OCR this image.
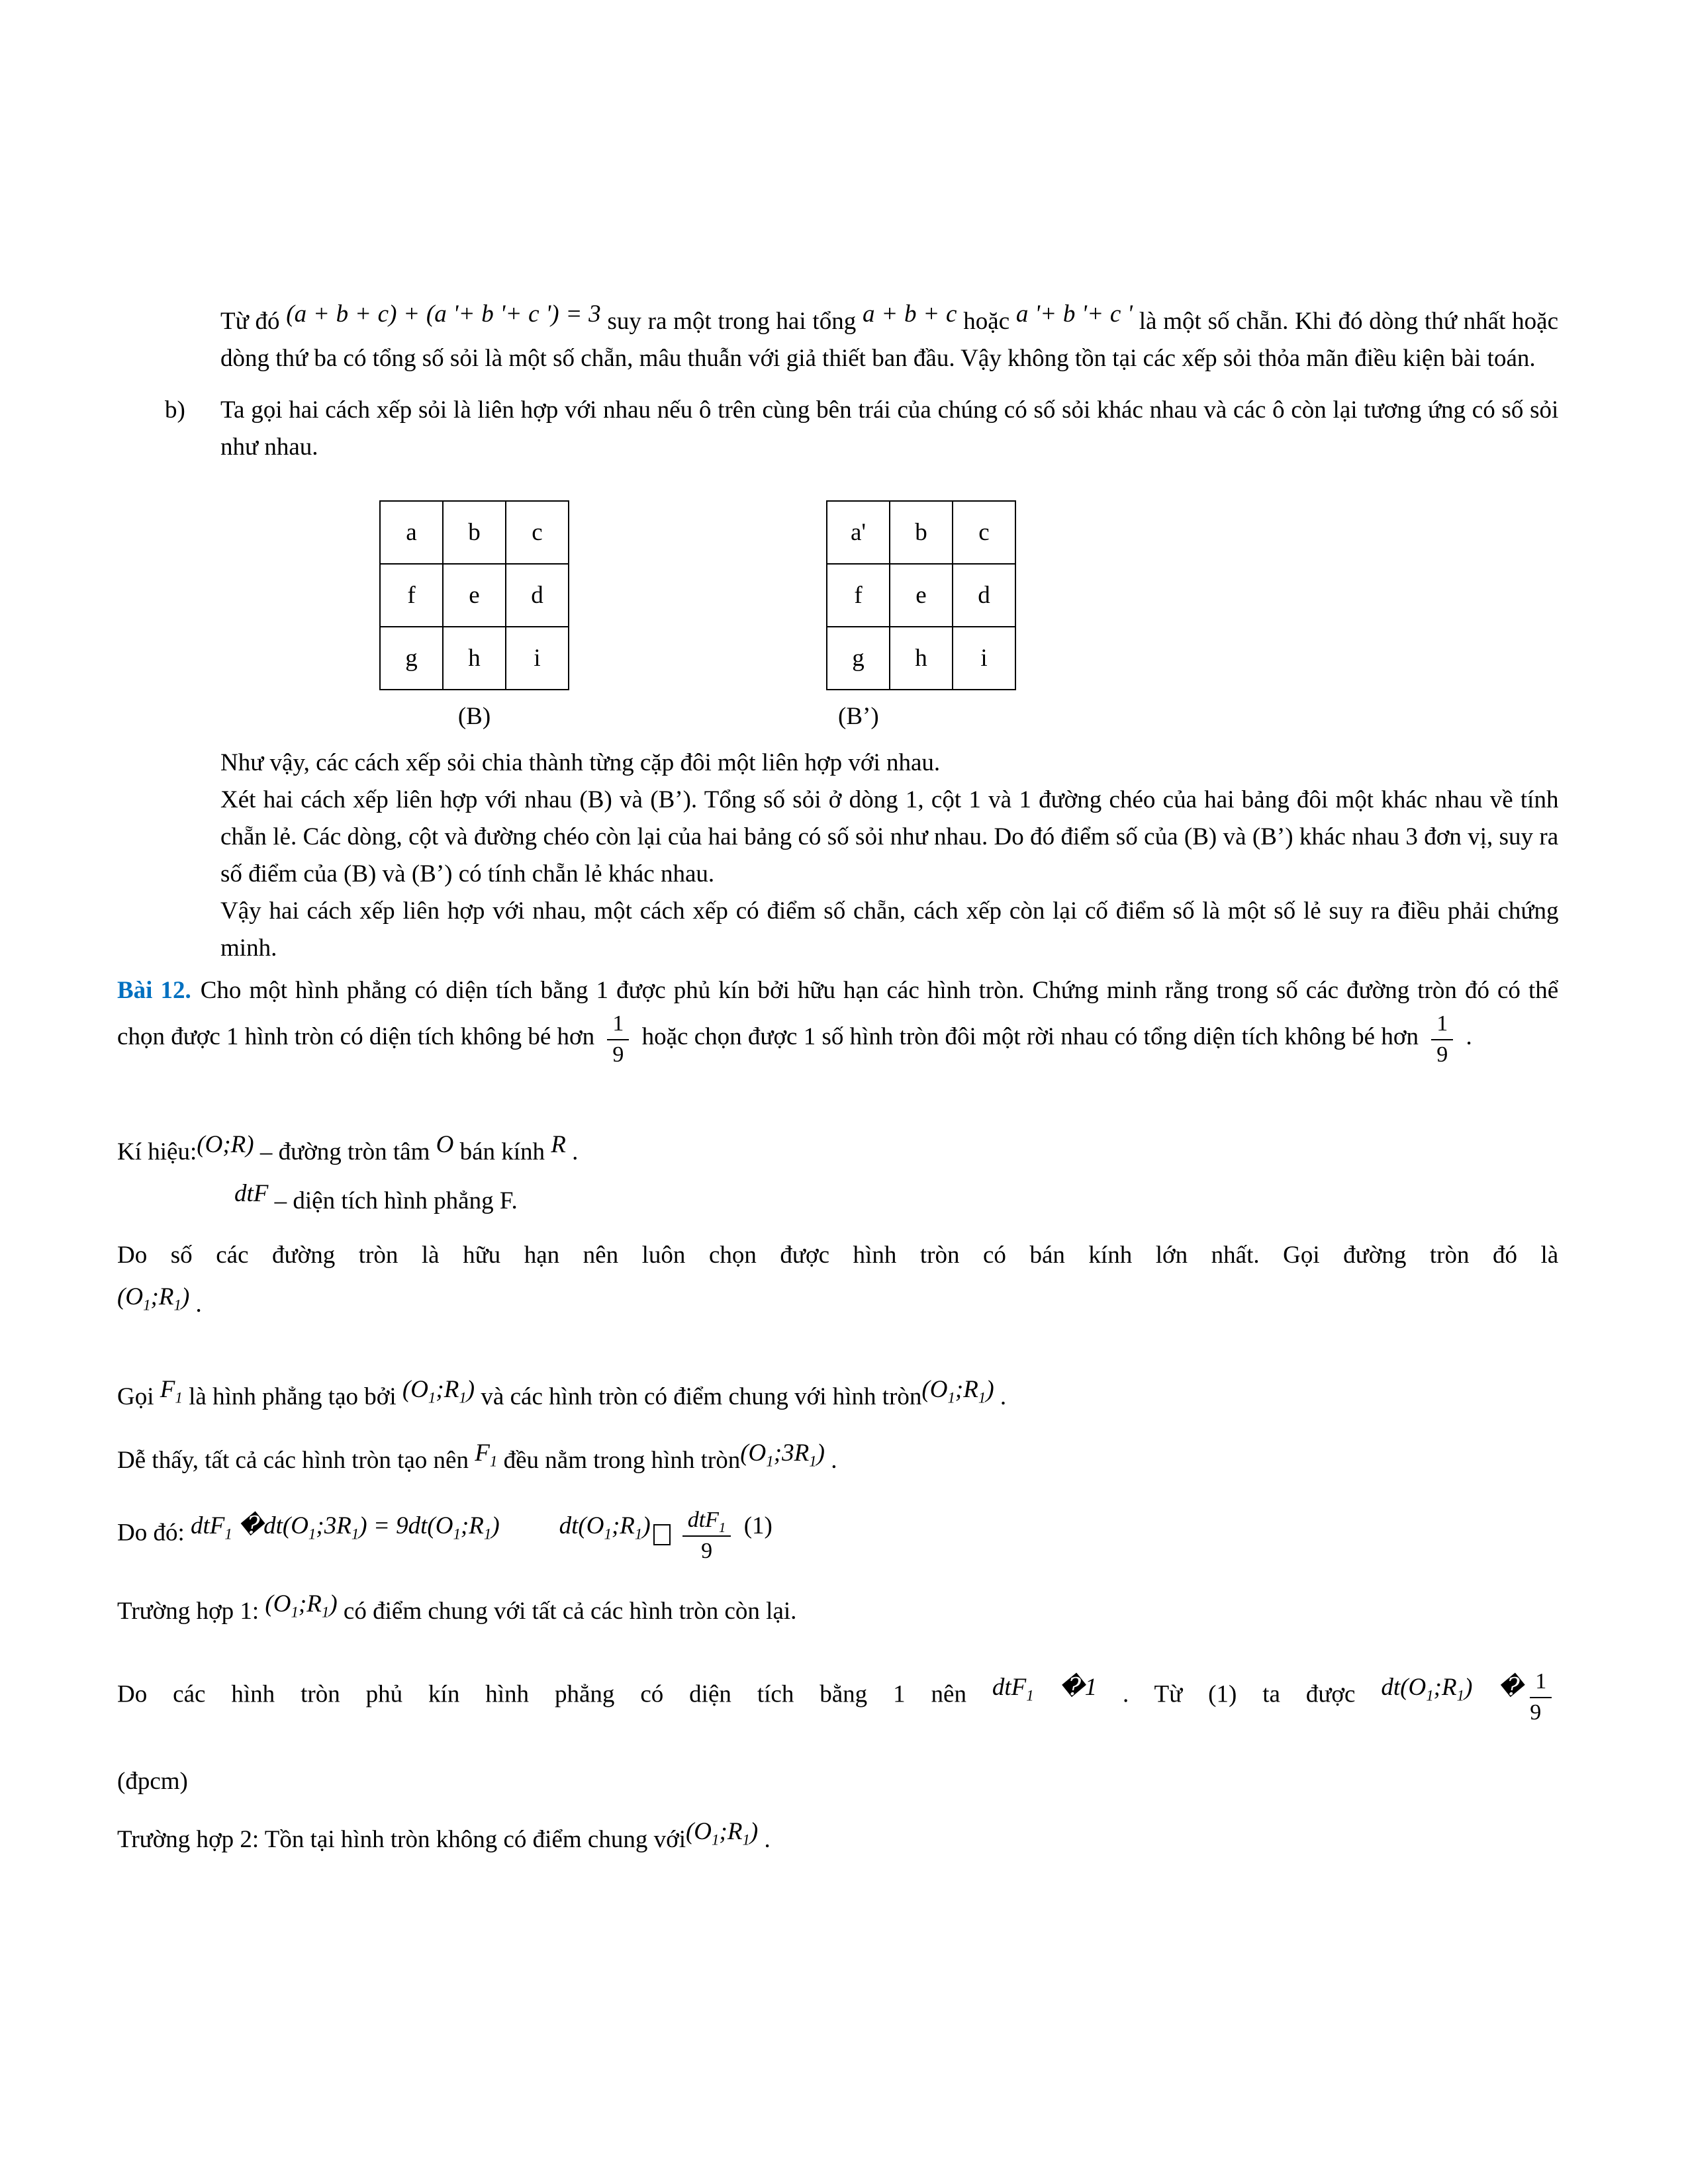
Từ đó (a + b + c) + (a '+ b '+ c ') = 3 suy ra một trong hai tổng a + b + c hoặc a '+ b '+ c ' là một số chẵn. Khi đó dòng thứ nhất hoặc dòng thứ ba có tổng số sỏi là một số chẵn, mâu thuẫn với giả thiết ban đầu. Vậy không tồn tại các xếp sỏi thỏa mãn điều kiện bài toán.
b) Ta gọi hai cách xếp sỏi là liên hợp với nhau nếu ô trên cùng bên trái của chúng có số sỏi khác nhau và các ô còn lại tương ứng có số sỏi như nhau.
a	b	c
f	e	d
g	h	i
(B)
a'	b	c
f	e	d
g	h	i
(B’)
Như vậy, các cách xếp sỏi chia thành từng cặp đôi một liên hợp với nhau.
Xét hai cách xếp liên hợp với nhau (B) và (B’). Tổng số sỏi ở dòng 1, cột 1 và 1 đường chéo của hai bảng đôi một khác nhau về tính chẵn lẻ. Các dòng, cột và đường chéo còn lại của hai bảng có số sỏi như nhau. Do đó điểm số của (B) và (B’) khác nhau 3 đơn vị, suy ra số điểm của (B) và (B’) có tính chẵn lẻ khác nhau.
Vậy hai cách xếp liên hợp với nhau, một cách xếp có điểm số chẵn, cách xếp còn lại cố điểm số là một số lẻ suy ra điều phải chứng minh.
Bài 12. Cho một hình phẳng có diện tích bằng 1 được phủ kín bởi hữu hạn các hình tròn. Chứng minh rằng trong số các đường tròn đó có thể chọn được 1 hình tròn có diện tích không bé hơn $\frac{1}{9}$ hoặc chọn được 1 số hình tròn đôi một rời nhau có tổng diện tích không bé hơn $\frac{1}{9}$ .
Kí hiệu:(O;R) – đường tròn tâm O bán kính R .
dtF – diện tích hình phẳng F.
Do số các đường tròn là hữu hạn nên luôn chọn được hình tròn có bán kính lớn nhất. Gọi đường tròn đó là
$(O_1;R_1)$ .
Gọi $F_1$ là hình phẳng tạo bởi $(O_1;R_1)$ và các hình tròn có điểm chung với hình $tròn(O_1;R_1)$ .
Dễ thấy, tất cả các hình tròn tạo nên $F_1$ đều nằm trong hình $tròn(O_1;3R_1)$ .
Do đó: dtF$_1$ $�dt(O_1;3R_1)$ = $9dt(O_1;R_1)$ $dt(O_1;R_1) \frac{dtF_1}{9} (1)$
Trường hợp 1: $(O_1;R_1)$ có điểm chung với tất cả các hình tròn còn lại.
Do các hình tròn phủ kín hình phẳng có diện tích bằng 1 nên dtF$_1$ �1 . Từ (1) ta được $dt(O_1;R_1)$ � $\frac{1}{9}$
(đpcm)
Trường hợp 2: Tồn tại hình tròn không có điểm chung $với(O_1;R_1)$ .
